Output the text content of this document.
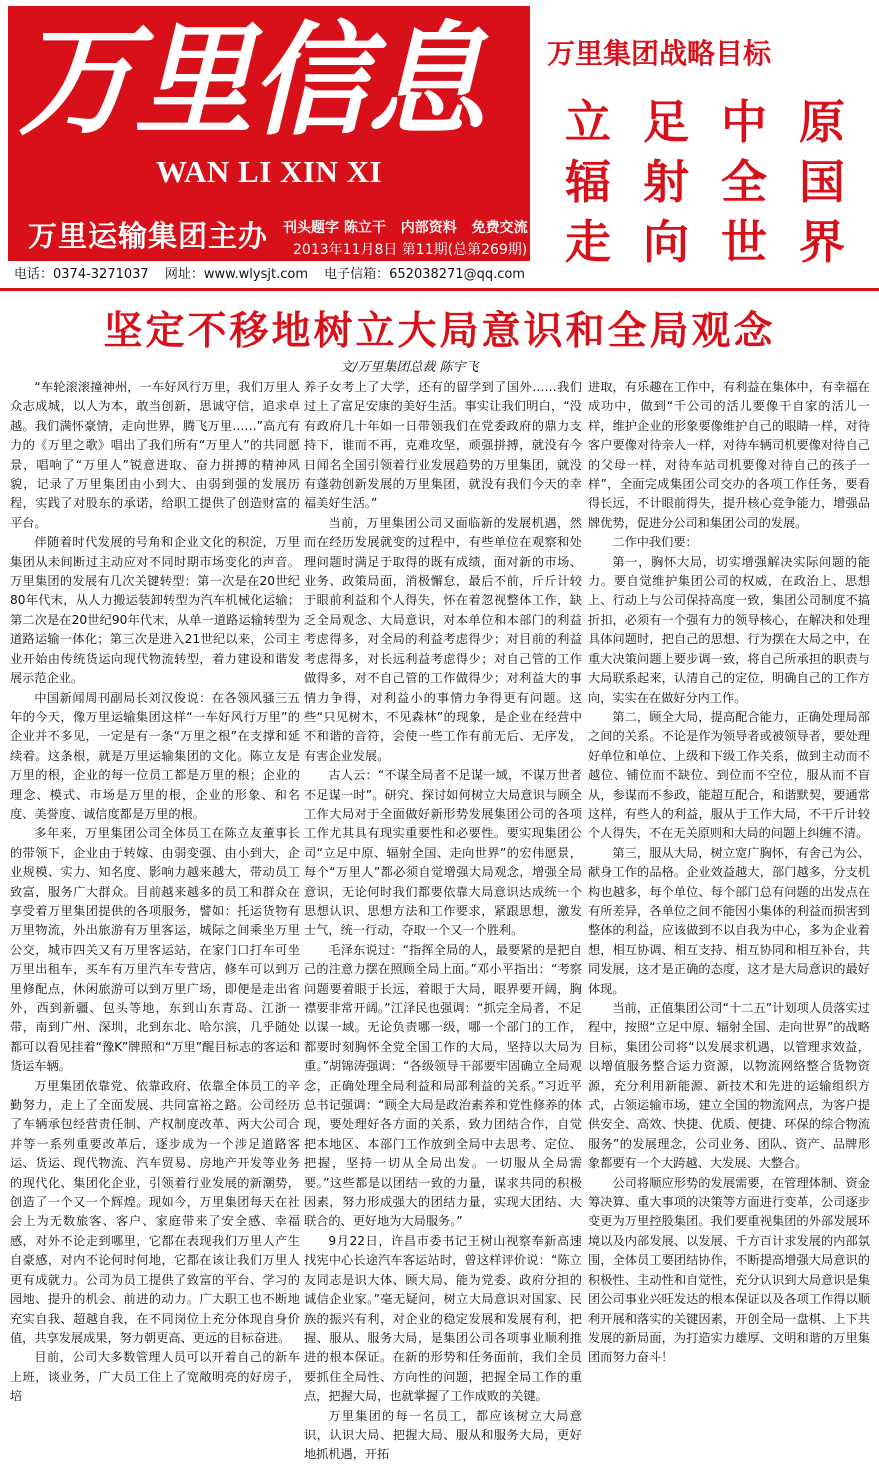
万里信息
WAN LI XIN XI
万里运输集团主办 刊头题字 陈立干 内部资料 免费交流
2013年11月8日 第11期(总第269期)
万里集团战略目标
立 足 中 原
辐 射 全 国
走 向 世 界
电话：0374-3271037 网址：www.wlysjt.com 电子信箱：652038271@qq.com
坚定不移地树立大局意识和全局观念
文/万里集团总裁 陈宇飞

“车轮滚滚撞神州，一车好风行万里，我们万里人众志成城，以人为本，敢当创新，思诚守信，追求卓越。我们满怀豪情，走向世界，腾飞万里……”高亢有力的《万里之歌》唱出了我们所有“万里人”的共同愿景，唱响了“万里人”锐意进取、奋力拼搏的精神风貌，记录了万里集团由小到大、由弱到强的发展历程，实践了对股东的承诺，给职工提供了创造财富的平台。

伴随着时代发展的号角和企业文化的积淀，万里集团从未间断过主动应对不同时期市场变化的声音。万里集团的发展有几次关键转型：第一次是在20世纪80年代末，从人力搬运装卸转型为汽车机械化运输；第二次是在20世纪90年代末，从单一道路运输转型为道路运输一体化；第三次是进入21世纪以来，公司主业开始由传统货运向现代物流转型，着力建设和谐发展示范企业。

中国新闻周刊副局长刘汉俊说：在各领风骚三五年的今天，像万里运输集团这样“一车好风行万里”的企业并不多见，一定是有一条“万里之根”在支撑和延续着。这条根，就是万里运输集团的文化。陈立友是万里的根，企业的每一位员工都是万里的根；企业的理念、模式、市场是万里的根，企业的形象、和名度、美誉度、诚信度都是万里的根。

多年来，万里集团公司全体员工在陈立友董事长的带领下，企业由于转嫁、由弱变强、由小到大，企业规模、实力、知名度、影响力越来越大，带动员工致富，服务广大群众。目前越来越多的员工和群众在享受着万里集团提供的各项服务，譬如：托运货物有万里物流，外出旅游有万里客运，城际之间乘坐万里公交，城市四关又有万里客运站，在家门口打车可坐万里出租车，买车有万里汽车专营店，修车可以到万里修配点，休闲旅游可以到万里广场，即便是走出省外，西到新疆、包头等地，东到山东青岛、江浙一带，南到广州、深圳，北到东北、哈尔滨，几乎随处都可以看见挂着“豫K”牌照和“万里”醒目标志的客运和货运车辆。

万里集团依靠党、依靠政府、依靠全体员工的辛勤努力，走上了全面发展、共同富裕之路。公司经历了车辆承包经营责任制、产权制度改革、两大公司合并等一系列重要改革后，逐步成为一个涉足道路客运、货运、现代物流、汽车贸易、房地产开发等业务的现代化、集团化企业，引领着行业发展的新潮势，创造了一个又一个辉煌。现如今，万里集团每天在社会上为无数旅客、客户、家庭带来了安全感、幸福感，对外不论走到哪里，它都在表现我们万里人产生自豪感，对内不论何时何地，它都在该让我们万里人更有成就力。公司为员工提供了致富的平台、学习的园地、提升的机会、前进的动力。广大职工也不断地充实自我、超越自我，在不同岗位上充分体现自身价值，共享发展成果，努力朝更高、更远的目标奋进。

目前，公司大多数管理人员可以开着自己的新车上班，谈业务，广大员工住上了宽敞明亮的好房子，培

养子女考上了大学，还有的留学到了国外……我们过上了富足安康的美好生活。事实让我们明白，“没有政府几十年如一日带领我们在党委政府的鼎力支持下，谁而不再，克难攻坚，顽强拼搏，就没有今日闻名全国引领着行业发展趋势的万里集团，就没有蓬勃创新发展的万里集团，就没有我们今天的幸福美好生活。”

当前，万里集团公司又面临新的发展机遇，然而在经历发展就变的过程中，有些单位在观察和处理问题时满足于取得的既有成绩，面对新的市场、业务、政策局面，消极懈怠，最后不前，斤斤计较于眼前利益和个人得失，怀在着忽视整体工作，缺乏全局观念、大局意识，对本单位和本部门的利益考虑得多，对全局的利益考虑得少；对目前的利益考虑得多，对长远利益考虑得少；对自己管的工作做得多，对不自己管的工作做得少；对利益大的事情力争得，对利益小的事情力争得更有问题。这些“只见树木，不见森林”的现象，是企业在经营中不和谐的音符，会使一些工作有前无后、无序发，有害企业发展。

古人云：“不谋全局者不足谋一域，不谋万世者不足谋一时”。研究、探讨如何树立大局意识与顾全工作大局对于全面做好新形势发展集团公司的各项工作尤其具有现实重要性和必要性。要实现集团公司“立足中原、辐射全国、走向世界”的宏伟愿景，每个“万里人”都必须自觉增强大局观念，增强全局意识，无论何时我们都要依靠大局意识达成统一个思想认识、思想方法和工作要求，紧跟思想，激发士气，统一行动，夺取一个又一个胜利。

毛泽东说过：“指挥全局的人，最要紧的是把自己的注意力摆在照顾全局上面。”邓小平指出：“考察问题要着眼于长远，着眼于大局，眼界要开阔，胸襟要非常开阔。”江泽民也强调：“抓完全局者，不足以谋一域。无论负责哪一级，哪一个部门的工作，都要时刻胸怀全党全国工作的大局，坚持以大局为重。”胡锦涛强调：“各级领导干部要牢固确立全局观念，正确处理全局利益和局部利益的关系。”习近平总书记强调：“顾全大局是政治素养和党性修养的体现，要处理好各方面的关系，致力团结合作，自觉把本地区、本部门工作放到全局中去思考、定位、把握，坚持一切从全局出发。一切服从全局需要。”这些都是以团结一致的力量，谋求共同的积极因素，努力形成强大的团结力量，实现大团结、大联合的、更好地为大局服务。”

9月22日，许昌市委书记王树山视察奉新高速找宪中心长途汽车客运站时，曾这样评价说：“陈立友同志是识大体、顾大局、能为党委、政府分担的诚信企业家。”毫无疑问，树立大局意识对国家、民族的振兴有利，对企业的稳定发展和发展有利，把握、服从、服务大局，是集团公司各项事业顺利推进的根本保证。在新的形势和任务面前，我们全员要抓住全局性、方向性的问题，把握全局工作的重点，把握大局，也就掌握了工作成败的关键。

万里集团的每一名员工，都应该树立大局意识，认识大局、把握大局、服从和服务大局，更好地抓机遇，开拓

进取，有乐趣在工作中，有利益在集体中，有幸福在成功中，做到“千公司的活儿要像干自家的活儿一样，维护企业的形象要像维护自己的眼睛一样，对待客户要像对待亲人一样，对待车辆司机要像对待自己的父母一样，对待车站司机要像对待自己的孩子一样”，全面完成集团公司交办的各项工作任务，要看得长远，不计眼前得失，提升核心竞争能力，增强品牌优势，促进分公司和集团公司的发展。

二作中我们要：

第一，胸怀大局，切实增强解决实际问题的能力。要自觉维护集团公司的权威，在政治上、思想上、行动上与公司保持高度一致，集团公司制度不搞折扣，必须有一个强有力的领导核心，在解决和处理具体问题时，把自己的思想、行为摆在大局之中，在重大决策问题上要步调一致，将自己所承担的职责与大局联系起来，认清自己的定位，明确自己的工作方向，实实在在做好分内工作。

第二，顾全大局，提高配合能力，正确处理局部之间的关系。不论是作为领导者或被领导者，要处理好单位和单位、上级和下级工作关系，做到主动而不越位、铺位而不缺位、到位而不空位，服从而不盲从，参谋而不参政，能超互配合，和谐默契，要通常这样，有些人的利益，服从于工作大局，不干斤计较个人得失，不在无关原则和大局的问题上纠缠不清。

第三，服从大局，树立宽广胸怀，有舍己为公、献身工作的品格。企业效益越大，部门越多，分支机构也越多，每个单位、每个部门总有问题的出发点在有所差异，各单位之间不能因小集体的利益而损害到整体的利益，应该做到不以自我为中心，多为企业着想，相互协调、相互支持、相互协同和相互补台，共同发展，这才是正确的态度，这才是大局意识的最好体现。

当前，正值集团公司“十二五”计划项人员落实过程中，按照“立足中原、辐射全国、走向世界”的战略目标，集团公司将“以发展求机遇，以管理求效益，以增值服务整合运力资源，以物流网络整合货物资源，充分利用新能源、新技术和先进的运输组织方式，占领运输市场，建立全国的物流网点，为客户提供安全、高效、快捷、优质、便捷、环保的综合物流服务”的发展理念，公司业务、团队、资产、品牌形象都要有一个大跨越、大发展、大整合。

公司将顺应形势的发展需要，在管理体制、资金筹决算、重大事项的决策等方面进行变革，公司逐步变更为万里控股集团。我们要重视集团的外部发展环境以及内部发展、以发展、千方百计求发展的内部氛围，全体员工要团结协作，不断提高增强大局意识的积极性、主动性和自觉性，充分认识到大局意识是集团公司事业兴旺发达的根本保证以及各项工作得以顺利开展和落实的关键因素，开创全局一盘棋、上下共发展的新局面，为打造实力雄厚、文明和谐的万里集团而努力奋斗！
